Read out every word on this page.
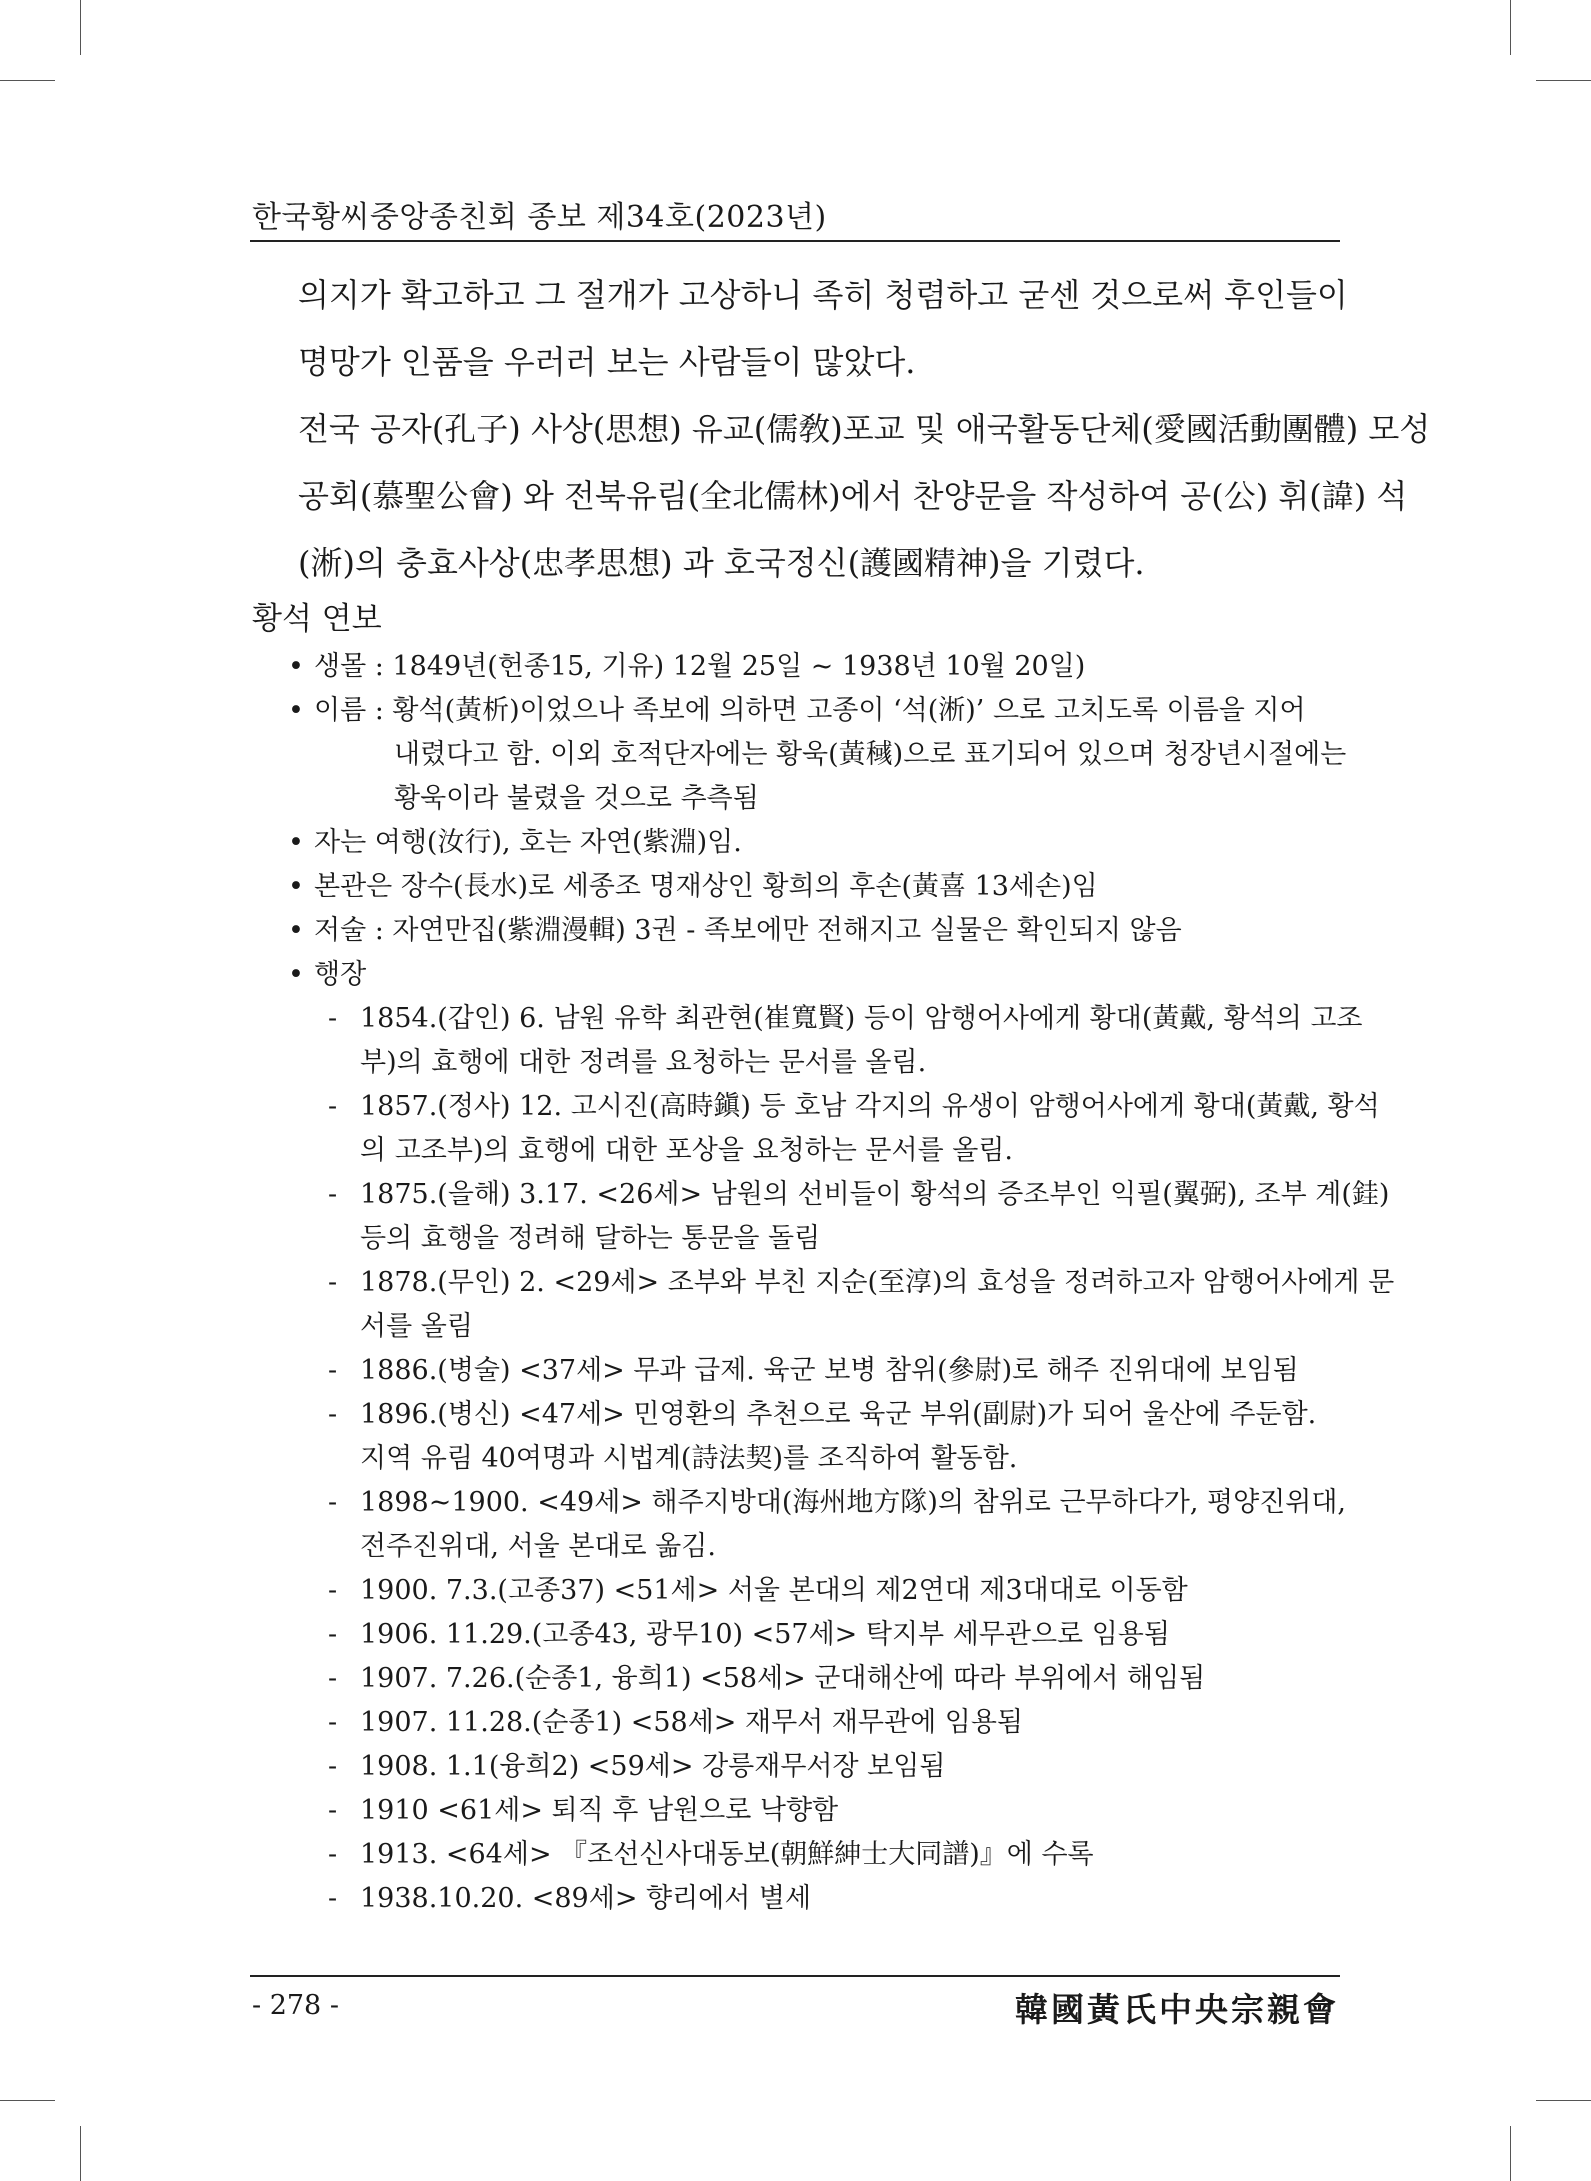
한국황씨중앙종친회 종보 제34호(2023년)

의지가 확고하고 그 절개가 고상하니 족히 청렴하고 굳센 것으로써 후인들이

명망가 인품을 우러러 보는 사람들이 많았다.

전국 공자(孔子) 사상(思想) 유교(儒敎)포교 및 애국활동단체(愛國活動團體) 모성

공회(慕聖公會) 와 전북유림(全北儒林)에서 찬양문을 작성하여 공(公) 휘(諱) 석

(淅)의 충효사상(忠孝思想) 과 호국정신(護國精神)을 기렸다.

황석 연보
• 생몰 : 1849년(헌종15, 기유) 12월 25일 ~ 1938년 10월 20일)
• 이름 : 황석(黃析)이었으나 족보에 의하면 고종이 ‘석(淅)’ 으로 고치도록 이름을 지어
내렸다고 함. 이외 호적단자에는 황욱(黃稶)으로 표기되어 있으며 청장년시절에는
황욱이라 불렸을 것으로 추측됨
• 자는 여행(汝行), 호는 자연(紫淵)임.
• 본관은 장수(長水)로 세종조 명재상인 황희의 후손(黃喜 13세손)임
• 저술 : 자연만집(紫淵漫輯) 3권 - 족보에만 전해지고 실물은 확인되지 않음
• 행장
- 1854.(갑인) 6. 남원 유학 최관현(崔寬賢) 등이 암행어사에게 황대(黃戴, 황석의 고조
부)의 효행에 대한 정려를 요청하는 문서를 올림.
- 1857.(정사) 12. 고시진(高時鎭) 등 호남 각지의 유생이 암행어사에게 황대(黃戴, 황석
의 고조부)의 효행에 대한 포상을 요청하는 문서를 올림.
- 1875.(을해) 3.17. <26세> 남원의 선비들이 황석의 증조부인 익필(翼弼), 조부 계(銈)
등의 효행을 정려해 달하는 통문을 돌림
- 1878.(무인) 2. <29세> 조부와 부친 지순(至淳)의 효성을 정려하고자 암행어사에게 문
서를 올림
- 1886.(병술) <37세> 무과 급제. 육군 보병 참위(參尉)로 해주 진위대에 보임됨
- 1896.(병신) <47세> 민영환의 추천으로 육군 부위(副尉)가 되어 울산에 주둔함.
지역 유림 40여명과 시법계(詩法契)를 조직하여 활동함.
- 1898~1900. <49세> 해주지방대(海州地方隊)의 참위로 근무하다가, 평양진위대,
전주진위대, 서울 본대로 옮김.
- 1900. 7.3.(고종37) <51세> 서울 본대의 제2연대 제3대대로 이동함
- 1906. 11.29.(고종43, 광무10) <57세> 탁지부 세무관으로 임용됨
- 1907. 7.26.(순종1, 융희1) <58세> 군대해산에 따라 부위에서 해임됨
- 1907. 11.28.(순종1) <58세> 재무서 재무관에 임용됨
- 1908. 1.1(융희2) <59세> 강릉재무서장 보임됨
- 1910 <61세> 퇴직 후 남원으로 낙향함
- 1913. <64세> 『조선신사대동보(朝鮮紳士大同譜)』에 수록
- 1938.10.20. <89세> 향리에서 별세
- 278 -	韓國黃氏中央宗親會
